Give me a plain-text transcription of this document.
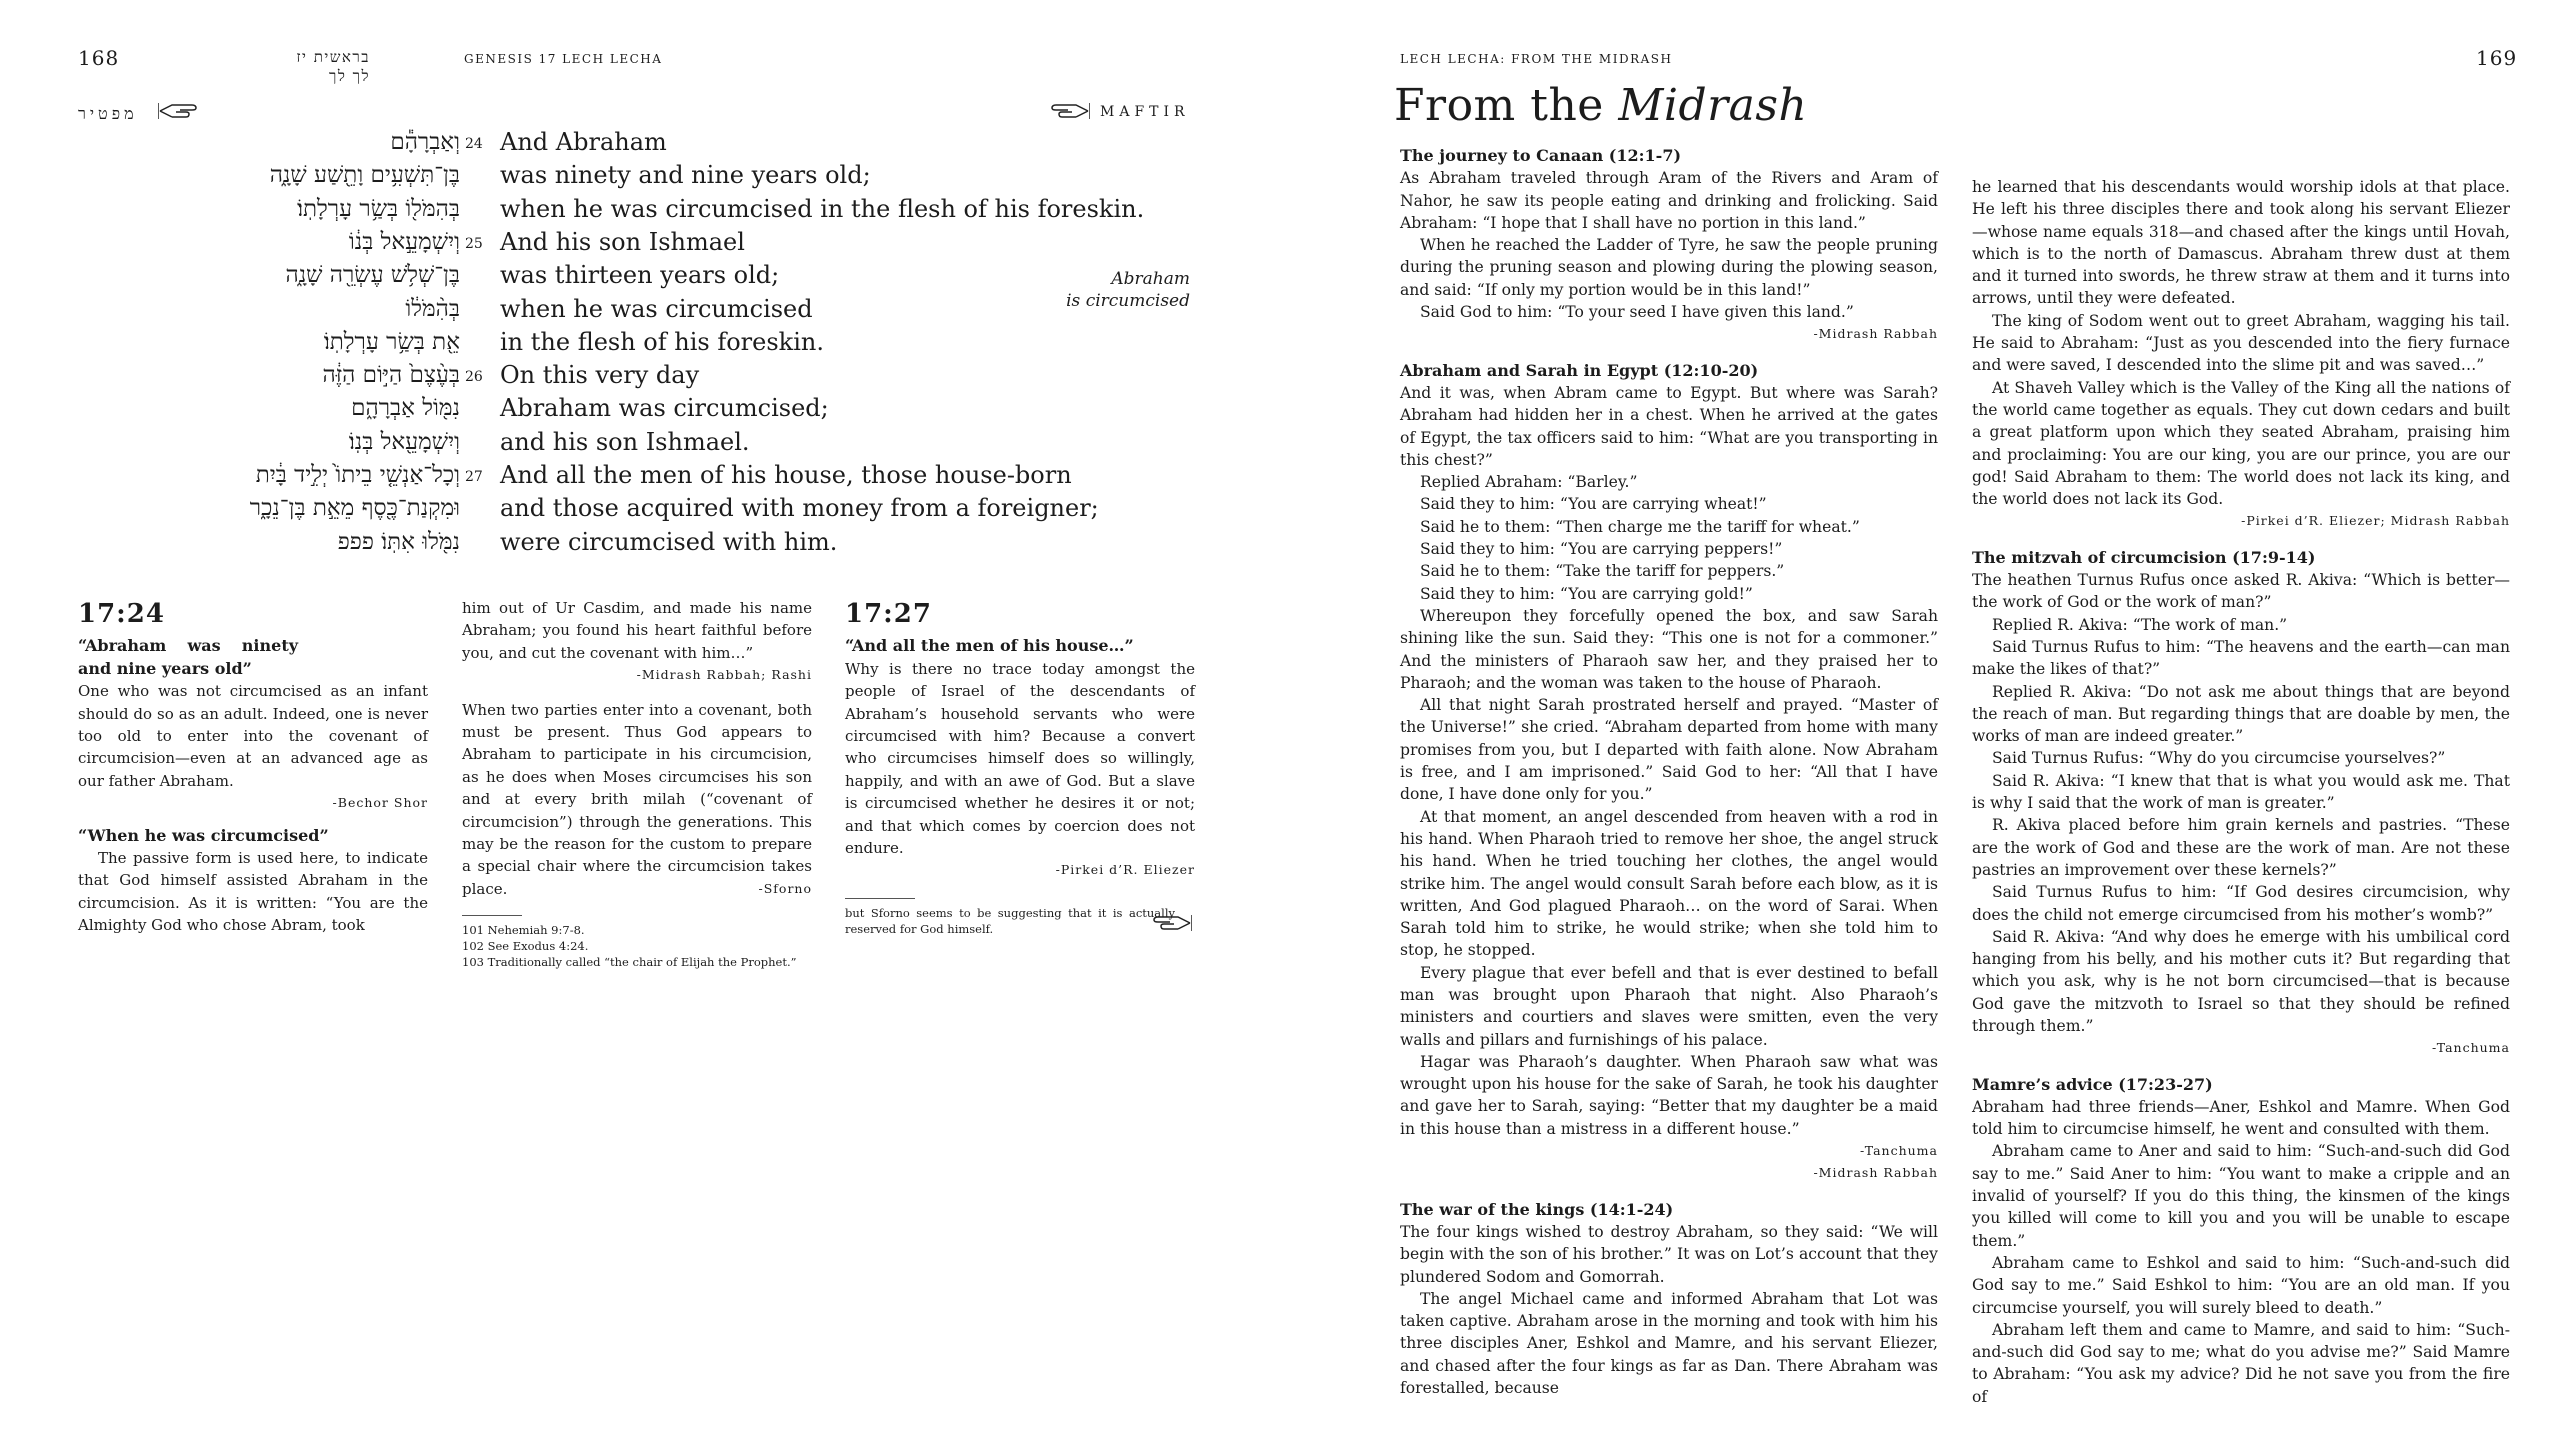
168	בראשית יז לך לך
GENESIS 17 LECH LECHA
מפטיר	MAFTIR
וְאַבְרָהָ֕ם 24 And Abraham
בֶּן־תִּשְׁעִ֥ים וָתֵ֖שַׁע שָׁנָ֑ה was ninety and nine years old;
בְּהִמֹּל֖וֹ בְּשַׂ֥ר עָרְלָתֽוֹ׃ when he was circumcised in the flesh of his foreskin.
וְיִשְׁמָעֵ֣אל בְּנ֔וֹ 25 And his son Ishmael
בֶּן־שְׁלֹ֥שׁ עֶשְׂרֵ֖ה שָׁנָ֑ה was thirteen years old;
בְּהִ֨מֹּל֔וֹ when he was circumcised
אֵ֖ת בְּשַׂ֥ר עָרְלָתֽוֹ׃ in the flesh of his foreskin.
בְּעֶ֨צֶם֙ הַיּ֣וֹם הַזֶּ֔ה 26 On this very day
נִמּ֖וֹל אַבְרָהָ֑ם Abraham was circumcised;
וְיִשְׁמָעֵ֖אל בְּנֽוֹ׃ and his son Ishmael.
וְכָל־אַנְשֵׁ֤י בֵיתוֹ֙ יְלִ֣יד בָּ֔יִת 27 And all the men of his house, those house-born
וּמִקְנַת־כֶּ֖סֶף מֵאֵ֣ת בֶּן־נֵכָ֑ר and those acquired with money from a foreigner;
נִמֹּ֖לוּ אִתּֽוֹ׃ פפפ were circumcised with him.
Abraham
is circumcised
17:24

“Abraham was ninety and nine years old”

One who was not circumcised as an infant should do so as an adult. Indeed, one is never too old to enter into the covenant of circumcision—even at an advanced age as our father Abraham.

-Bechor Shor

“When he was circumcised”

The passive form is used here, to indicate that God himself assisted Abraham in the circumcision. As it is written: “You are the Almighty God who chose Abram, took

him out of Ur Casdim, and made his name Abraham; you found his heart faithful before you, and cut the covenant with him…”

-Midrash Rabbah; Rashi

When two parties enter into a covenant, both must be present. Thus God appears to Abraham to participate in his circumcision, as he does when Moses circumcises his son and at every brith milah (“covenant of circumcision”) through the generations. This may be the reason for the custom to prepare a special chair where the circumcision takes place.	-Sforno

101 Nehemiah 9:7-8.

102 See Exodus 4:24.

103 Traditionally called “the chair of Elijah the Prophet.”

17:27

“And all the men of his house…”

Why is there no trace today amongst the people of Israel of the descendants of Abraham’s household servants who were circumcised with him? Because a convert who circumcises himself does so willingly, happily, and with an awe of God. But a slave is circumcised whether he desires it or not; and that which comes by coercion does not endure.

-Pirkei d’R. Eliezer

but Sforno seems to be suggesting that it is actually reserved for God himself.

LECH LECHA: FROM THE MIDRASH	169
From the Midrash

The journey to Canaan (12:1-7)

As Abraham traveled through Aram of the Rivers and Aram of Nahor, he saw its people eating and drinking and frolicking. Said Abraham: “I hope that I shall have no portion in this land.”

When he reached the Ladder of Tyre, he saw the people pruning during the pruning season and plowing during the plowing season, and said: “If only my portion would be in this land!”

Said God to him: “To your seed I have given this land.”

-Midrash Rabbah

Abraham and Sarah in Egypt (12:10-20)

And it was, when Abram came to Egypt. But where was Sarah? Abraham had hidden her in a chest. When he arrived at the gates of Egypt, the tax officers said to him: “What are you transporting in this chest?”

Replied Abraham: “Barley.”

Said they to him: “You are carrying wheat!”

Said he to them: “Then charge me the tariff for wheat.”

Said they to him: “You are carrying peppers!”

Said he to them: “Take the tariff for peppers.”

Said they to him: “You are carrying gold!”

Whereupon they forcefully opened the box, and saw Sarah shining like the sun. Said they: “This one is not for a commoner.” And the ministers of Pharaoh saw her, and they praised her to Pharaoh; and the woman was taken to the house of Pharaoh.

All that night Sarah prostrated herself and prayed. “Master of the Universe!” she cried. “Abraham departed from home with many promises from you, but I departed with faith alone. Now Abraham is free, and I am imprisoned.” Said God to her: “All that I have done, I have done only for you.”

At that moment, an angel descended from heaven with a rod in his hand. When Pharaoh tried to remove her shoe, the angel struck his hand. When he tried touching her clothes, the angel would strike him. The angel would consult Sarah before each blow, as it is written, And God plagued Pharaoh… on the word of Sarai. When Sarah told him to strike, he would strike; when she told him to stop, he stopped.

Every plague that ever befell and that is ever destined to befall man was brought upon Pharaoh that night. Also Pharaoh’s ministers and courtiers and slaves were smitten, even the very walls and pillars and furnishings of his palace.

Hagar was Pharaoh’s daughter. When Pharaoh saw what was wrought upon his house for the sake of Sarah, he took his daughter and gave her to Sarah, saying: “Better that my daughter be a maid in this house than a mistress in a different house.”

-Tanchuma

-Midrash Rabbah

The war of the kings (14:1-24)

The four kings wished to destroy Abraham, so they said: “We will begin with the son of his brother.” It was on Lot’s account that they plundered Sodom and Gomorrah.

The angel Michael came and informed Abraham that Lot was taken captive. Abraham arose in the morning and took with him his three disciples Aner, Eshkol and Mamre, and his servant Eliezer, and chased after the four kings as far as Dan. There Abraham was forestalled, because

he learned that his descendants would worship idols at that place. He left his three disciples there and took along his servant Eliezer—whose name equals 318—and chased after the kings until Hovah, which is to the north of Damascus. Abraham threw dust at them and it turned into swords, he threw straw at them and it turns into arrows, until they were defeated.

The king of Sodom went out to greet Abraham, wagging his tail. He said to Abraham: “Just as you descended into the fiery furnace and were saved, I descended into the slime pit and was saved…”

At Shaveh Valley which is the Valley of the King all the nations of the world came together as equals. They cut down cedars and built a great platform upon which they seated Abraham, praising him and proclaiming: You are our king, you are our prince, you are our god! Said Abraham to them: The world does not lack its king, and the world does not lack its God.

-Pirkei d’R. Eliezer; Midrash Rabbah

The mitzvah of circumcision (17:9-14)

The heathen Turnus Rufus once asked R. Akiva: “Which is better—the work of God or the work of man?”

Replied R. Akiva: “The work of man.”

Said Turnus Rufus to him: “The heavens and the earth—can man make the likes of that?”

Replied R. Akiva: “Do not ask me about things that are beyond the reach of man. But regarding things that are doable by men, the works of man are indeed greater.”

Said Turnus Rufus: “Why do you circumcise yourselves?”

Said R. Akiva: “I knew that that is what you would ask me. That is why I said that the work of man is greater.”

R. Akiva placed before him grain kernels and pastries. “These are the work of God and these are the work of man. Are not these pastries an improvement over these kernels?”

Said Turnus Rufus to him: “If God desires circumcision, why does the child not emerge circumcised from his mother’s womb?”

Said R. Akiva: “And why does he emerge with his umbilical cord hanging from his belly, and his mother cuts it? But regarding that which you ask, why is he not born circumcised—that is because God gave the mitzvoth to Israel so that they should be refined through them.”

-Tanchuma

Mamre’s advice (17:23-27)

Abraham had three friends—Aner, Eshkol and Mamre. When God told him to circumcise himself, he went and consulted with them.

Abraham came to Aner and said to him: “Such-and-such did God say to me.” Said Aner to him: “You want to make a cripple and an invalid of yourself? If you do this thing, the kinsmen of the kings you killed will come to kill you and you will be unable to escape them.”

Abraham came to Eshkol and said to him: “Such-and-such did God say to me.” Said Eshkol to him: “You are an old man. If you circumcise yourself, you will surely bleed to death.”

Abraham left them and came to Mamre, and said to him: “Such-and-such did God say to me; what do you advise me?” Said Mamre to Abraham: “You ask my advice? Did he not save you from the fire of
